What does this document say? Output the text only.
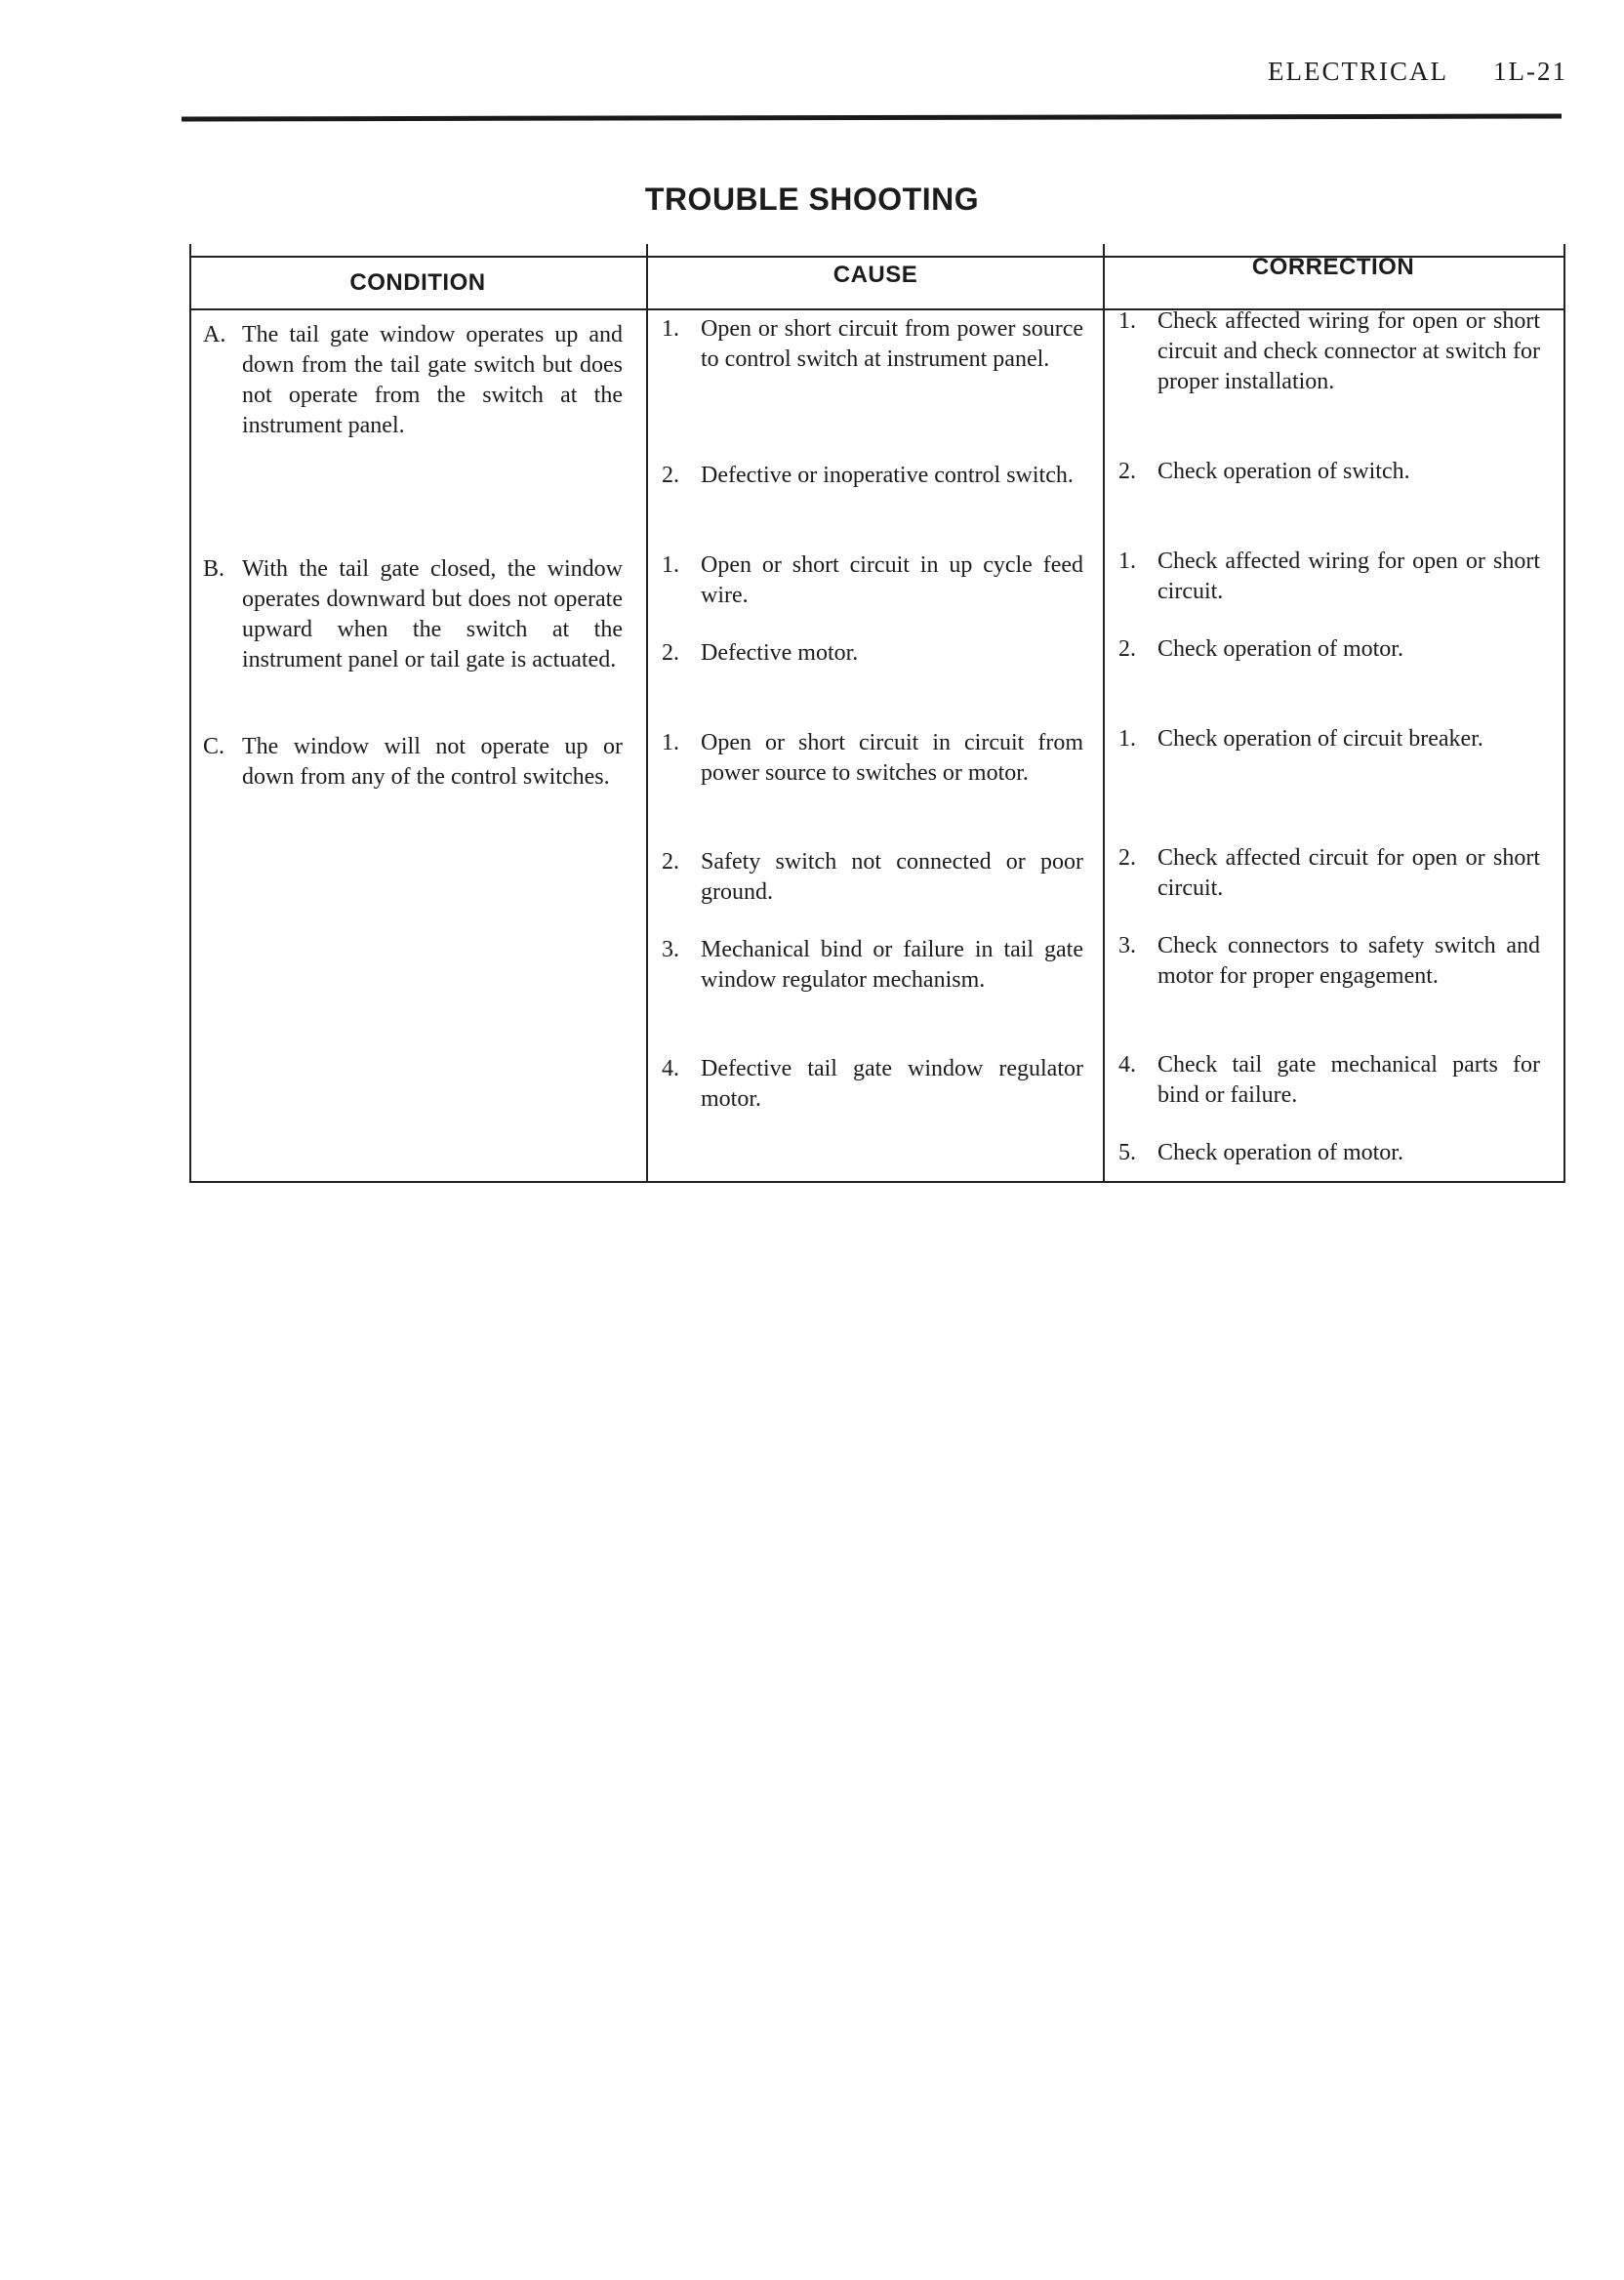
ELECTRICAL 1L-21
TROUBLE SHOOTING
CONDITION	CAUSE	CORRECTION
A. The tail gate window operates up and down from the tail gate switch but does not operate from the switch at the instrument panel.
1. Open or short circuit from power source to control switch at instrument panel.
2. Defective or inoperative control switch.
1. Check affected wiring for open or short circuit and check connector at switch for proper installation.
2. Check operation of switch.
B. With the tail gate closed, the window operates downward but does not operate upward when the switch at the instrument panel or tail gate is actuated.
1. Open or short circuit in up cycle feed wire.
2. Defective motor.
1. Check affected wiring for open or short circuit.
2. Check operation of motor.
C. The window will not operate up or down from any of the control switches.
1. Open or short circuit in circuit from power source to switches or motor.
2. Safety switch not connected or poor ground.
3. Mechanical bind or failure in tail gate window regulator mechanism.
4. Defective tail gate window regulator motor.
1. Check operation of circuit breaker.
2. Check affected circuit for open or short circuit.
3. Check connectors to safety switch and motor for proper engagement.
4. Check tail gate mechanical parts for bind or failure.
5. Check operation of motor.
